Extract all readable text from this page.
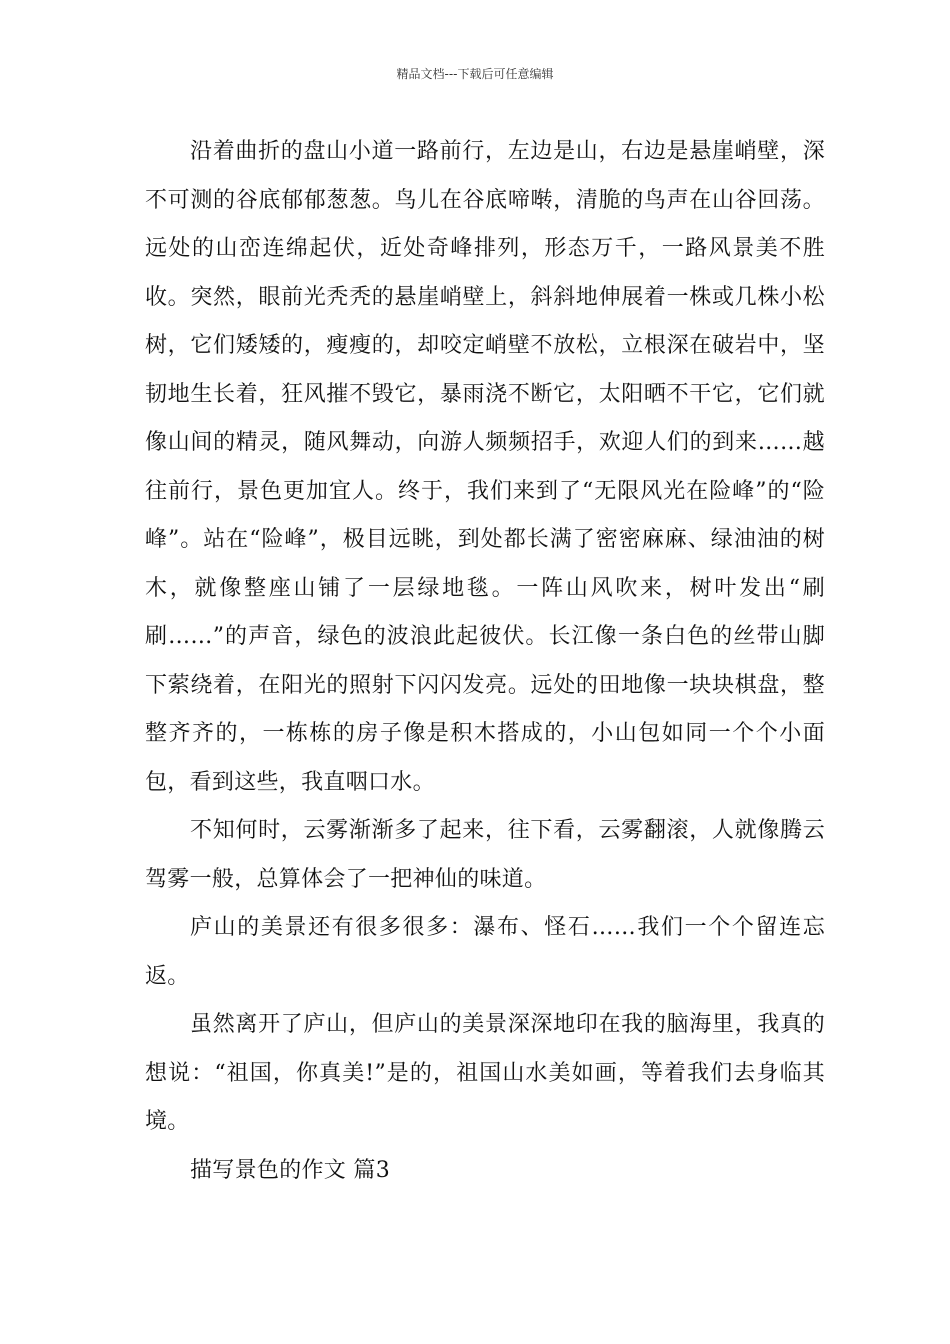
精品文档---下载后可任意编辑

沿着曲折的盘山小道一路前行，左边是山，右边是悬崖峭壁，深不可测的谷底郁郁葱葱。鸟儿在谷底啼啭，清脆的鸟声在山谷回荡。远处的山峦连绵起伏，近处奇峰排列，形态万千，一路风景美不胜收。突然，眼前光秃秃的悬崖峭壁上，斜斜地伸展着一株或几株小松树，它们矮矮的，瘦瘦的，却咬定峭壁不放松，立根深在破岩中，坚韧地生长着，狂风摧不毁它，暴雨浇不断它，太阳晒不干它，它们就像山间的精灵，随风舞动，向游人频频招手，欢迎人们的到来……越往前行，景色更加宜人。终于，我们来到了“无限风光在险峰”的“险峰”。站在“险峰”，极目远眺，到处都长满了密密麻麻、绿油油的树木，就像整座山铺了一层绿地毯。一阵山风吹来，树叶发出“刷刷……”的声音，绿色的波浪此起彼伏。长江像一条白色的丝带山脚下萦绕着，在阳光的照射下闪闪发亮。远处的田地像一块块棋盘，整整齐齐的，一栋栋的房子像是积木搭成的，小山包如同一个个小面包，看到这些，我直咽口水。

不知何时，云雾渐渐多了起来，往下看，云雾翻滚，人就像腾云驾雾一般，总算体会了一把神仙的味道。

庐山的美景还有很多很多：瀑布、怪石……我们一个个留连忘返。

虽然离开了庐山，但庐山的美景深深地印在我的脑海里，我真的想说：“祖国，你真美!”是的，祖国山水美如画，等着我们去身临其境。

描写景色的作文 篇3
